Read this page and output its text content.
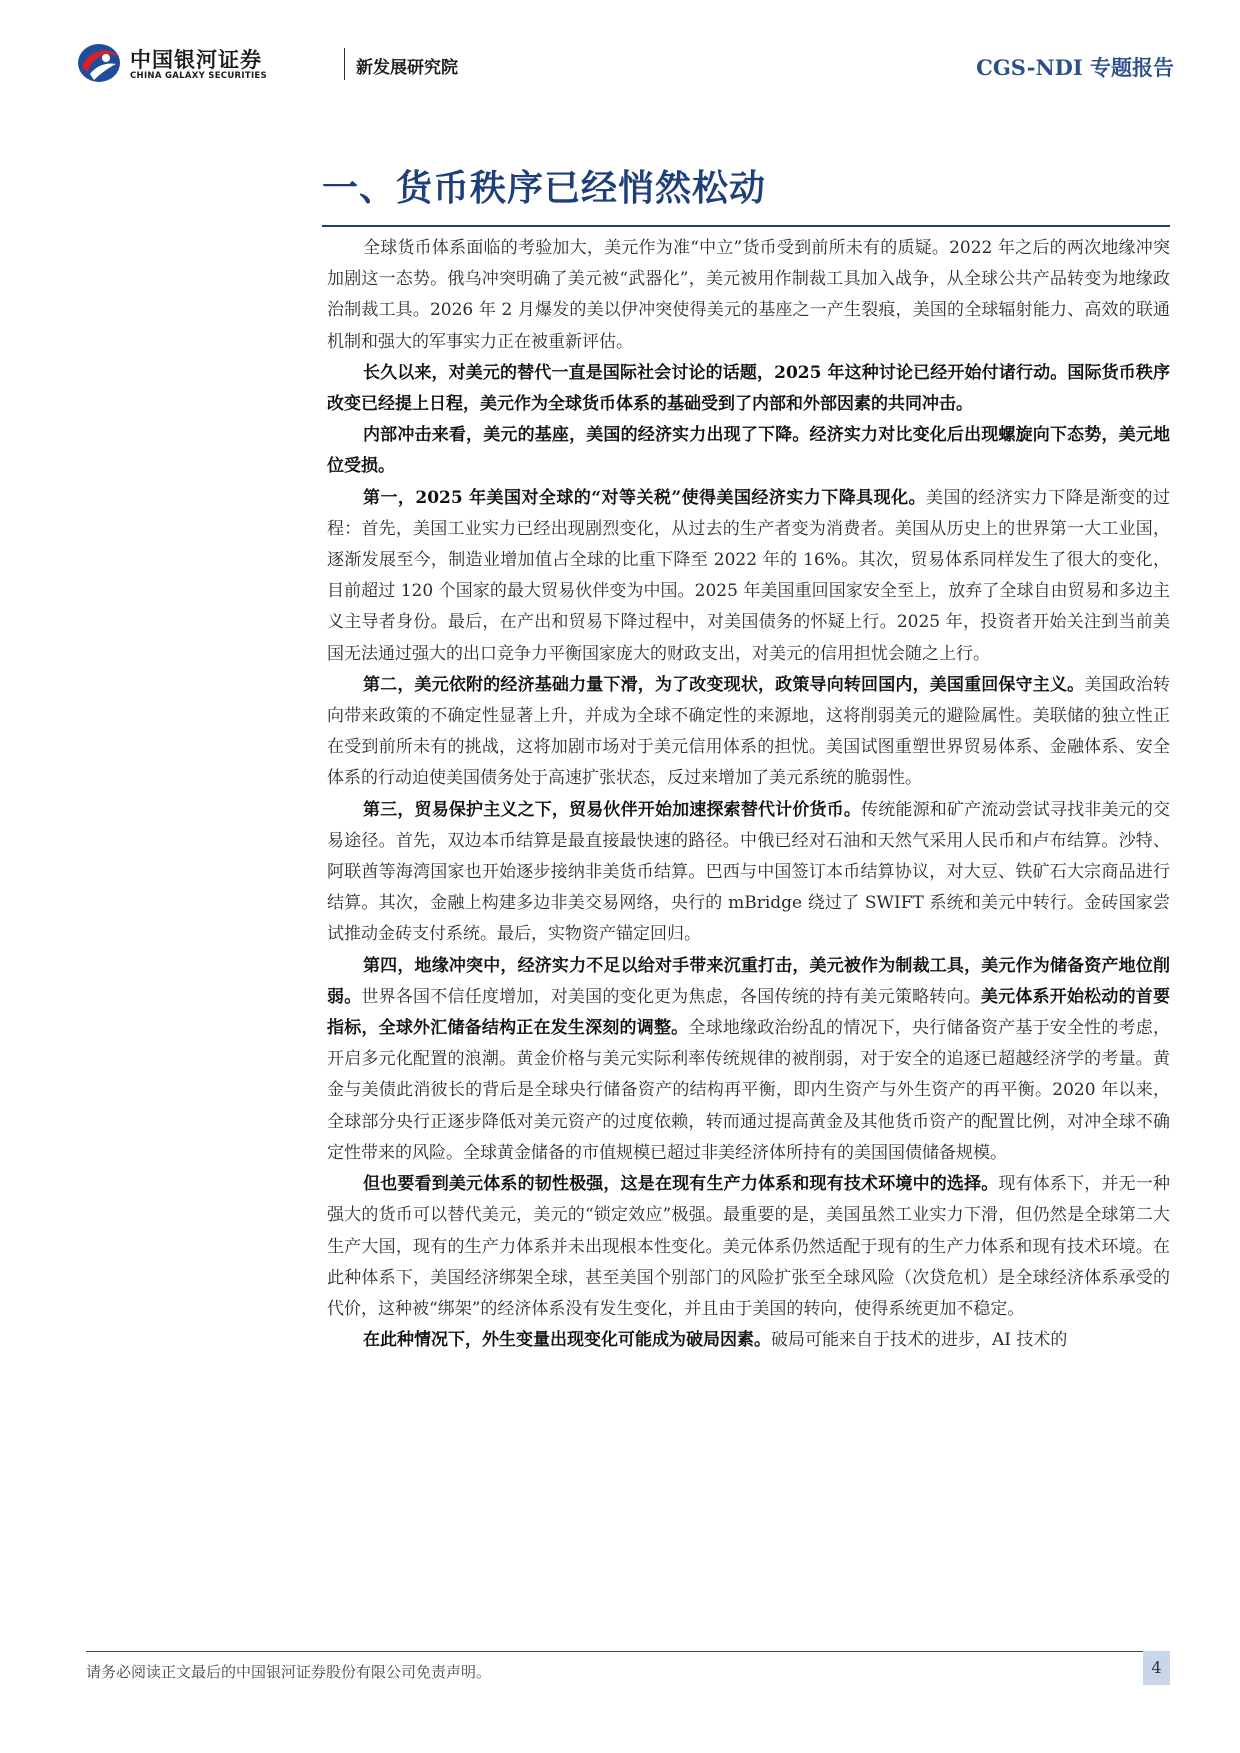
中国银河证券
CHINA GALAXY SECURITIES	新发展研究院	CGS-NDI 专题报告
一、货币秩序已经悄然松动

全球货币体系面临的考验加大，美元作为准“中立”货币受到前所未有的质疑。2022 年之后的两次地缘冲突加剧这一态势。俄乌冲突明确了美元被“武器化”，美元被用作制裁工具加入战争，从全球公共产品转变为地缘政治制裁工具。2026 年 2 月爆发的美以伊冲突使得美元的基座之一产生裂痕，美国的全球辐射能力、高效的联通机制和强大的军事实力正在被重新评估。

长久以来，对美元的替代一直是国际社会讨论的话题，2025 年这种讨论已经开始付诸行动。国际货币秩序改变已经提上日程，美元作为全球货币体系的基础受到了内部和外部因素的共同冲击。

内部冲击来看，美元的基座，美国的经济实力出现了下降。经济实力对比变化后出现螺旋向下态势，美元地位受损。

第一，2025 年美国对全球的“对等关税”使得美国经济实力下降具现化。美国的经济实力下降是渐变的过程：首先，美国工业实力已经出现剧烈变化，从过去的生产者变为消费者。美国从历史上的世界第一大工业国，逐渐发展至今，制造业增加值占全球的比重下降至 2022 年的 16%。其次，贸易体系同样发生了很大的变化，目前超过 120 个国家的最大贸易伙伴变为中国。2025 年美国重回国家安全至上，放弃了全球自由贸易和多边主义主导者身份。最后，在产出和贸易下降过程中，对美国债务的怀疑上行。2025 年，投资者开始关注到当前美国无法通过强大的出口竞争力平衡国家庞大的财政支出，对美元的信用担忧会随之上行。

第二，美元依附的经济基础力量下滑，为了改变现状，政策导向转回国内，美国重回保守主义。美国政治转向带来政策的不确定性显著上升，并成为全球不确定性的来源地，这将削弱美元的避险属性。美联储的独立性正在受到前所未有的挑战，这将加剧市场对于美元信用体系的担忧。美国试图重塑世界贸易体系、金融体系、安全体系的行动迫使美国债务处于高速扩张状态，反过来增加了美元系统的脆弱性。

第三，贸易保护主义之下，贸易伙伴开始加速探索替代计价货币。传统能源和矿产流动尝试寻找非美元的交易途径。首先，双边本币结算是最直接最快速的路径。中俄已经对石油和天然气采用人民币和卢布结算。沙特、阿联酋等海湾国家也开始逐步接纳非美货币结算。巴西与中国签订本币结算协议，对大豆、铁矿石大宗商品进行结算。其次，金融上构建多边非美交易网络，央行的 mBridge 绕过了 SWIFT 系统和美元中转行。金砖国家尝试推动金砖支付系统。最后，实物资产锚定回归。

第四，地缘冲突中，经济实力不足以给对手带来沉重打击，美元被作为制裁工具，美元作为储备资产地位削弱。世界各国不信任度增加，对美国的变化更为焦虑，各国传统的持有美元策略转向。美元体系开始松动的首要指标，全球外汇储备结构正在发生深刻的调整。全球地缘政治纷乱的情况下，央行储备资产基于安全性的考虑，开启多元化配置的浪潮。黄金价格与美元实际利率传统规律的被削弱，对于安全的追逐已超越经济学的考量。黄金与美债此消彼长的背后是全球央行储备资产的结构再平衡，即内生资产与外生资产的再平衡。2020 年以来，全球部分央行正逐步降低对美元资产的过度依赖，转而通过提高黄金及其他货币资产的配置比例，对冲全球不确定性带来的风险。全球黄金储备的市值规模已超过非美经济体所持有的美国国债储备规模。

但也要看到美元体系的韧性极强，这是在现有生产力体系和现有技术环境中的选择。现有体系下，并无一种强大的货币可以替代美元，美元的“锁定效应”极强。最重要的是，美国虽然工业实力下滑，但仍然是全球第二大生产大国，现有的生产力体系并未出现根本性变化。美元体系仍然适配于现有的生产力体系和现有技术环境。在此种体系下，美国经济绑架全球，甚至美国个别部门的风险扩张至全球风险（次贷危机）是全球经济体系承受的代价，这种被“绑架”的经济体系没有发生变化，并且由于美国的转向，使得系统更加不稳定。

在此种情况下，外生变量出现变化可能成为破局因素。破局可能来自于技术的进步，AI 技术的

请务必阅读正文最后的中国银河证券股份有限公司免责声明。	4
